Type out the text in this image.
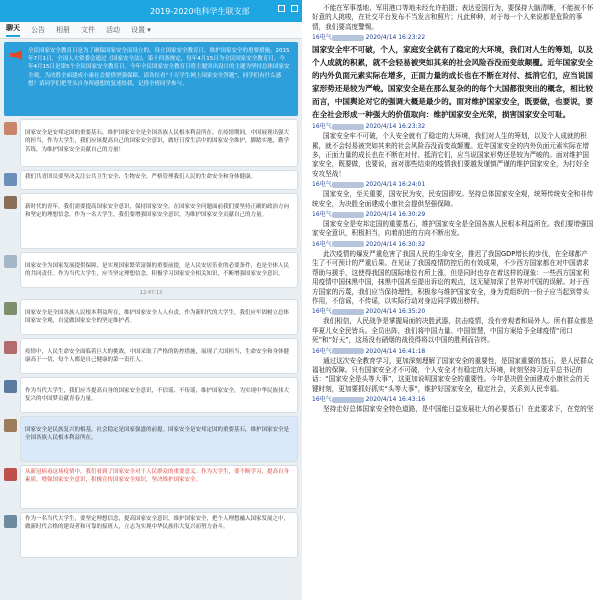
2019-2020电科学生联支部
聊天 公告 相册 文件 活动 设置 ▾
全民国家安全教育日是为了确保国家安全而设立的。设立国家安全教育日，维护国家安全的重要措施。2015年7月1日，全国人大常委会通过《国家安全法》。第十四条规定，每年4月15日为全民国家安全教育日。今年4月15日是第5个全民国家安全教育日。今年全民国家安全教育日将主题突出设计的主题为坚持总体国家安全观，为决胜全面建成小康社会提供坚强保障。请各位看“十万学生网上国家安全答题”，同学们有什么感想？请同学们把考头自身所感想的复述给我，记得全班同学参与。
国家安全是安邦定国的重要基石，维护国家安全是全国各族人民根本利益所在。在疫情期间，中国展现出强大的担当，作为大学生，我们应该提高自己的国家安全意识，做好日常生活中的国家安全维护，脚踏实地，勤学苦练，为维护国家安全贡献自己的力量！
我们共青团员要坚决关注公共卫生安全、生物安全，严格管理我们人民的生命安全和身体健康。
新时代的青年，我们需要提高国家安全意识，保持国家安全。在国家安全问题面前我们要坚持正确的政治方向和坚定的理想信念，作为一名大学生，我们要增强国家安全意识，为维护国家安全贡献自己的力量。
国家安全为国家发展提供保障，是实现国家繁荣富强的重要前提，是人民安居乐业的必要条件，也是全体人民的共同责任。作为当代大学生，应当坚定理想信念，积极学习国家安全相关知识，不断增强国家安全意识。
12:47:13
国家安全是全国各族人民根本利益所在，维护国家安全人人有责，作为新时代的大学生，我们应牢固树立总体国家安全观，自觉做国家安全的坚定维护者。
疫情中，人民生命安全面临着巨大的挑战，中国采取了严格的防控措施，展现了大国担当，生命安全和身体健康高于一切，每个人都是自己健康的第一责任人。
作为当代大学生，我们应当提高自身的国家安全意识，不信谣、不传谣，维护国家安全，为实现中华民族伟大复兴的中国梦贡献青春力量。
国家安全是民族复兴的根基，社会稳定是国家强盛的前提。国家安全是安邦定国的重要基石，维护国家安全是全国各族人民根本利益所在。
从新冠病毒这场疫情中，我们看到了国家安全对于人民群众的重要意义。作为大学生，要不断学习，提高自身素质，增强国家安全意识，积极宣传国家安全知识，坚决维护国家安全。
作为一名当代大学生，要坚定理想信念，提高国家安全意识，维护国家安全，把个人理想融入国家发展之中，做新时代合格的建设者和可靠的接班人，立志为实现中华民族伟大复兴而努力奋斗。
不能在军事基地、军用港口等地未经允许拍摄；表达爱国行为，要保持大脑清晰，不能被不怀好意的人挑唆，在社交平台发布不当发言和照片；凡此种种，对于每一个人来说都是危险的事情，我们要高度警惕。
16电气	2020/4/14 16:23:22
国家安全牢不可破，个人，家庭安全就有了稳定的大环境，我们对人生的筹划，以及个人成就的积累，就不会轻易被突如其来的社会风险吞没而变故颠覆。近年国家安全的内外负面元素实际在增多，正面力量的成长也在不断在对付、抵消它们，应当说国家形势还是较为严峻。国家安全是在那么复杂的的每个大国都很突出的概念，相比较而言，中国舆论对它的强调大概是最少的。面对维护国家安全，既要做，也要说，要在全社会形成一种强大的价值取向：维护国家安全光荣，损害国家安全可耻。
16电气	2020/4/14 16:23:32
国家安全牢不可破，个人安全就有了稳定的大环境，我们对人生的筹划，以及个人成就的积累，就不会轻易被突如其来的社会风险吞没而变故颠覆。近年国家安全的内外负面元素实际在增多，正面力量的成长也在不断在对付、抵消它们，应当说国家形势还是较为严峻的。面对维护国家安全，既要做，也要说，面对那些结束的疫情我们要越发谨慎严谨的维护国家安全，为打好全安攻坚战！
16电气	2020/4/14 16:24:01
国家安全，至关重要，国安民为安，民安国即安。坚持总体国家安全观，统筹传统安全和非传统安全，为决胜全面建成小康社会提供坚强保障。
16电气	2020/4/14 16:30:29
国家安全是安邦定国的重要基石，维护国家安全是全国各族人民根本利益所在。我们要增强国家安全意识，积极担当，向着前进的方向不断出发。
16电气	2020/4/14 16:30:32
此次疫情的爆发严重危害了我国人民的生命安全，推迟了我国GDP增长的步伐，在全球都产生了不可预计的严重后果。在见证了我国疫情防控后的有效成果，不少西方国家都在对中国请求帮助与援手，这使得我国的国际地位有所上涨，但是同时也存在着这样的现象：一些西方国家利用疫情中国抹黑中国，抹黑中国甚至提出诉讼的观点，这无疑加深了世界对中国的误解。对于西方国家的污蔑，我们应当保持理性，积极参与维护国家安全，身为党组织的一份子应当起到带头作用，不信谣，不传谣，以实际行动对身边同学做出榜样。
16电气	2020/4/14 16:35:20
我们相信，人民战争是掌握局面的决胜武器，抗击疫情，没有旁观者和局外人。所有群众都是华夏儿女全民皆兵。全员出阵，我们将中国力量、中国智慧，中国方案给予全球疫情“闭口死”和“好天”，这场没有硝烟的战役得将以中国的胜利而告终。
16电气	2020/4/14 16:41:18
通过这次安全教育学习，更加深刻理解了国家安全的重要性，是国家重要的基石，是人民群众福祉的保障。只有国家安全才不可破，个人安全才有稳定的大环境，时刻坚持习近平总书记的话：“国家安全是头等大事”，这更加说明国家安全的重要性。今年是决胜全面建成小康社会的关键时刻，更加要抓好抓实“头等大事”，维护好国家安全，稳定社会，关系到人民幸福。
16电气	2020/4/14 16:43:16
坚持走好总体国家安全特色道路，是中国能日益发展壮大的必要基石！在此要求下，在党的坚
